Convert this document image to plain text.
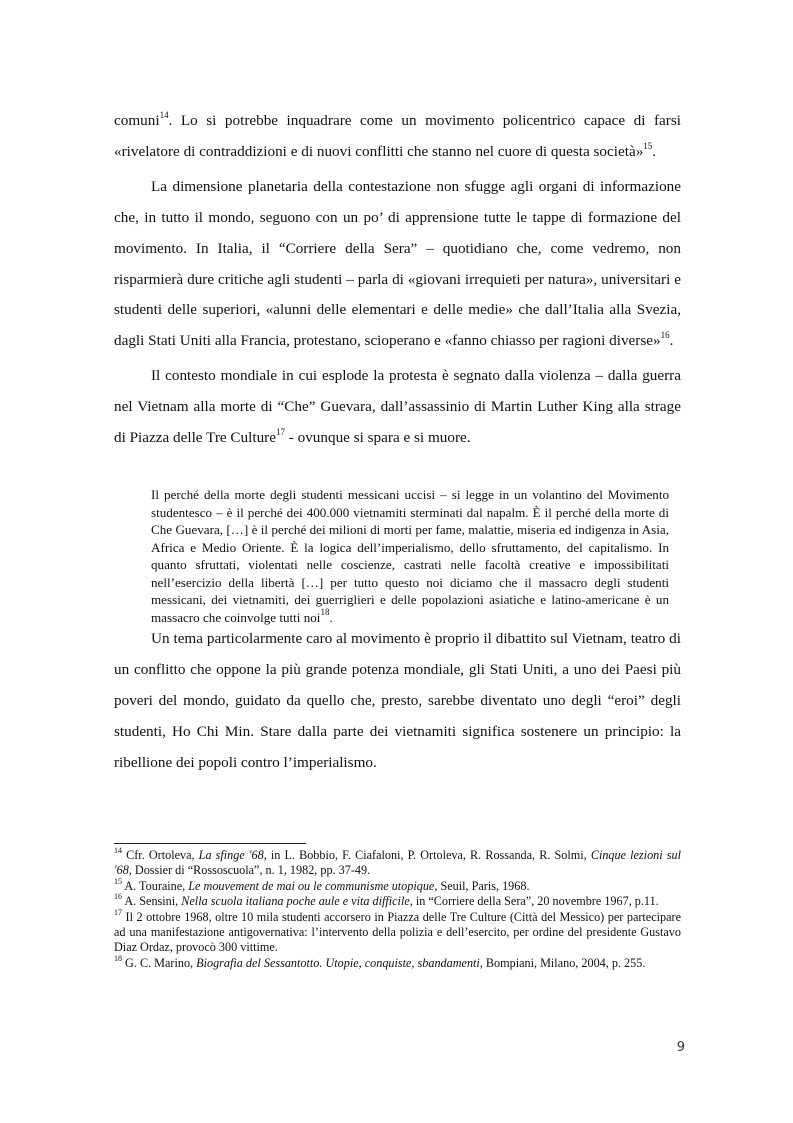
comuni$^{14}$. Lo si potrebbe inquadrare come un movimento policentrico capace di farsi «rivelatore di contraddizioni e di nuovi conflitti che stanno nel cuore di questa società»$^{15}$.

La dimensione planetaria della contestazione non sfugge agli organi di informazione che, in tutto il mondo, seguono con un po’ di apprensione tutte le tappe di formazione del movimento. In Italia, il “Corriere della Sera” – quotidiano che, come vedremo, non risparmierà dure critiche agli studenti – parla di «giovani irrequieti per natura», universitari e studenti delle superiori, «alunni delle elementari e delle medie» che dall’Italia alla Svezia, dagli Stati Uniti alla Francia, protestano, scioperano e «fanno chiasso per ragioni diverse»$^{16}$.

Il contesto mondiale in cui esplode la protesta è segnato dalla violenza – dalla guerra nel Vietnam alla morte di “Che” Guevara, dall’assassinio di Martin Luther King alla strage di Piazza delle Tre Culture$^{17}$ - ovunque si spara e si muore.

Il perché della morte degli studenti messicani uccisi – si legge in un volantino del Movimento studentesco – è il perché dei 400.000 vietnamiti sterminati dal napalm. È il perché della morte di Che Guevara, […] è il perché dei milioni di morti per fame, malattie, miseria ed indigenza in Asia, Africa e Medio Oriente. È la logica dell’imperialismo, dello sfruttamento, del capitalismo. In quanto sfruttati, violentati nelle coscienze, castrati nelle facoltà creative e impossibilitati nell’esercizio della libertà […] per tutto questo noi diciamo che il massacro degli studenti messicani, dei vietnamiti, dei guerriglieri e delle popolazioni asiatiche e latino-americane è un massacro che coinvolge tutti noi$^{18}$.

Un tema particolarmente caro al movimento è proprio il dibattito sul Vietnam, teatro di un conflitto che oppone la più grande potenza mondiale, gli Stati Uniti, a uno dei Paesi più poveri del mondo, guidato da quello che, presto, sarebbe diventato uno degli “eroi” degli studenti, Ho Chi Min. Stare dalla parte dei vietnamiti significa sostenere un principio: la ribellione dei popoli contro l’imperialismo.

$^{14}$ Cfr. Ortoleva, La sfinge '68, in L. Bobbio, F. Ciafaloni, P. Ortoleva, R. Rossanda, R. Solmi, Cinque lezioni sul '68, Dossier di “Rossoscuola”, n. 1, 1982, pp. 37-49.

$^{15}$ A. Touraine, Le mouvement de mai ou le communisme utopique, Seuil, Paris, 1968.

$^{16}$ A. Sensini, Nella scuola italiana poche aule e vita difficile, in “Corriere della Sera”, 20 novembre 1967, p.11.

$^{17}$ Il 2 ottobre 1968, oltre 10 mila studenti accorsero in Piazza delle Tre Culture (Città del Messico) per partecipare ad una manifestazione antigovernativa: l’intervento della polizia e dell’esercito, per ordine del presidente Gustavo Diaz Ordaz, provocò 300 vittime.

$^{18}$ G. C. Marino, Biografia del Sessantotto. Utopie, conquiste, sbandamenti, Bompiani, Milano, 2004, p. 255.

9
